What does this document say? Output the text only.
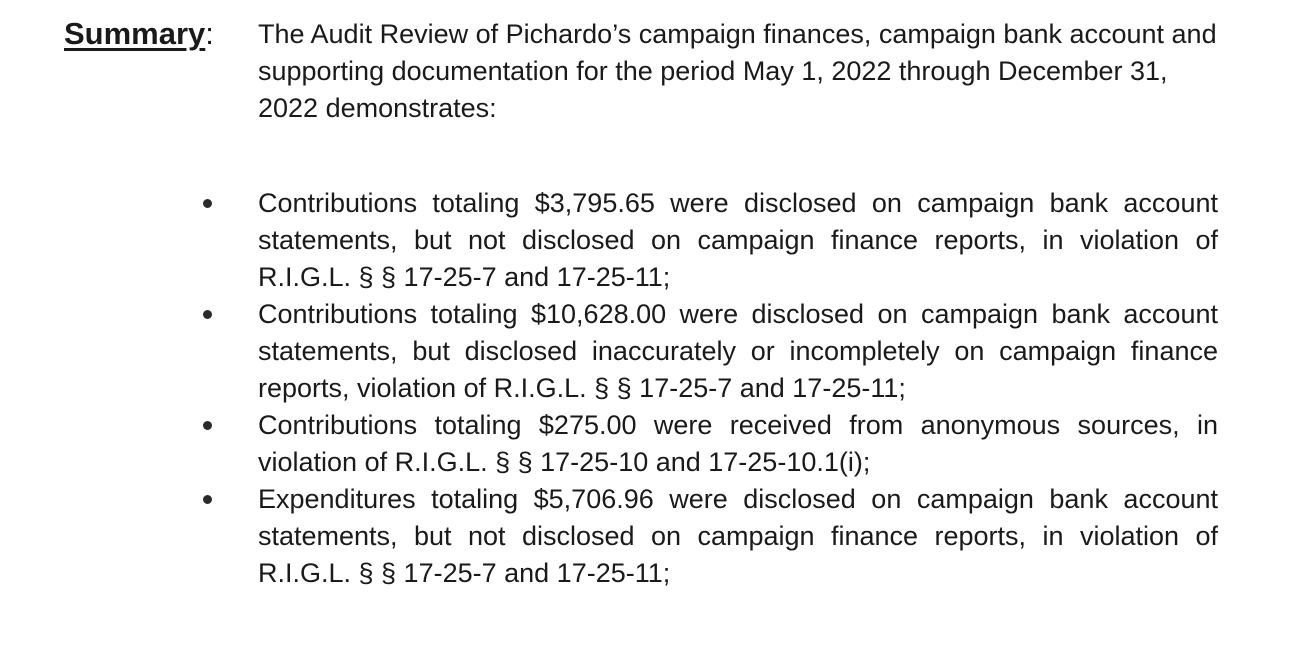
Summary: The Audit Review of Pichardo’s campaign finances, campaign bank account and supporting documentation for the period May 1, 2022 through December 31, 2022 demonstrates:

Contributions totaling $3,795.65 were disclosed on campaign bank account statements, but not disclosed on campaign finance reports, in violation of R.I.G.L. § § 17-25-7 and 17-25-11;
Contributions totaling $10,628.00 were disclosed on campaign bank account statements, but disclosed inaccurately or incompletely on campaign finance reports, violation of R.I.G.L. § § 17-25-7 and 17-25-11;
Contributions totaling $275.00 were received from anonymous sources, in violation of R.I.G.L. § § 17-25-10 and 17-25-10.1(i);
Expenditures totaling $5,706.96 were disclosed on campaign bank account statements, but not disclosed on campaign finance reports, in violation of R.I.G.L. § § 17-25-7 and 17-25-11;
